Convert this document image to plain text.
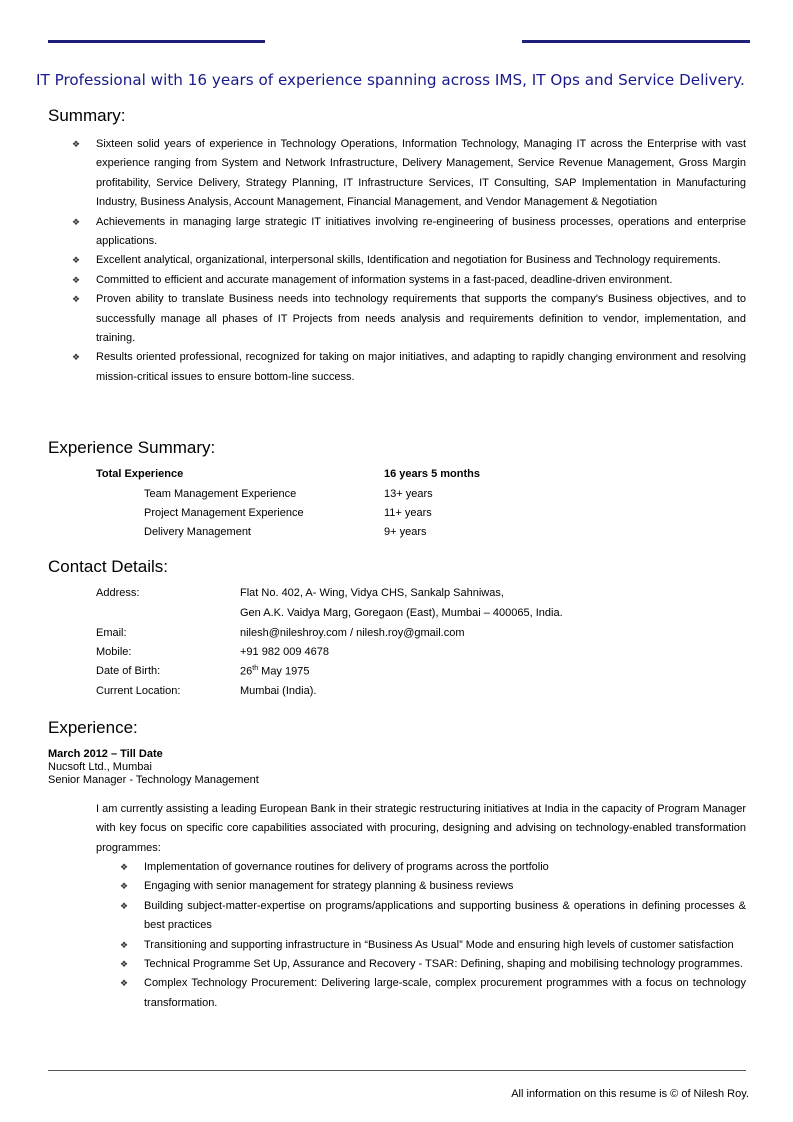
IT Professional with 16 years of experience spanning across IMS, IT Ops and Service Delivery.
Summary:
❖ Sixteen solid years of experience in Technology Operations, Information Technology, Managing IT across the Enterprise with vast experience ranging from System and Network Infrastructure, Delivery Management, Service Revenue Management, Gross Margin profitability, Service Delivery, Strategy Planning, IT Infrastructure Services, IT Consulting, SAP Implementation in Manufacturing Industry, Business Analysis, Account Management, Financial Management, and Vendor Management & Negotiation
❖ Achievements in managing large strategic IT initiatives involving re-engineering of business processes, operations and enterprise applications.
❖ Excellent analytical, organizational, interpersonal skills, Identification and negotiation for Business and Technology requirements.
❖ Committed to efficient and accurate management of information systems in a fast-paced, deadline-driven environment.
❖ Proven ability to translate Business needs into technology requirements that supports the company's Business objectives, and to successfully manage all phases of IT Projects from needs analysis and requirements definition to vendor, implementation, and training.
❖ Results oriented professional, recognized for taking on major initiatives, and adapting to rapidly changing environment and resolving mission-critical issues to ensure bottom-line success.
Experience Summary:
Total Experience	16 years 5 months
Team Management Experience	13+ years
Project Management Experience	11+ years
Delivery Management	9+ years
Contact Details:
Address:	Flat No. 402, A- Wing, Vidya CHS, Sankalp Sahniwas,
Gen A.K. Vaidya Marg, Goregaon (East), Mumbai – 400065, India.
Email:	nilesh@nileshroy.com / nilesh.roy@gmail.com
Mobile:	+91 982 009 4678
Date of Birth:	26th May 1975
Current Location:	Mumbai (India).
Experience:
March 2012 – Till Date
Nucsoft Ltd., Mumbai
Senior Manager - Technology Management
I am currently assisting a leading European Bank in their strategic restructuring initiatives at India in the capacity of Program Manager with key focus on specific core capabilities associated with procuring, designing and advising on technology-enabled transformation programmes:
❖ Implementation of governance routines for delivery of programs across the portfolio
❖ Engaging with senior management for strategy planning & business reviews
❖ Building subject-matter-expertise on programs/applications and supporting business & operations in defining processes & best practices
❖ Transitioning and supporting infrastructure in “Business As Usual” Mode and ensuring high levels of customer satisfaction
❖ Technical Programme Set Up, Assurance and Recovery - TSAR: Defining, shaping and mobilising technology programmes.
❖ Complex Technology Procurement: Delivering large-scale, complex procurement programmes with a focus on technology transformation.
All information on this resume is © of Nilesh Roy.
